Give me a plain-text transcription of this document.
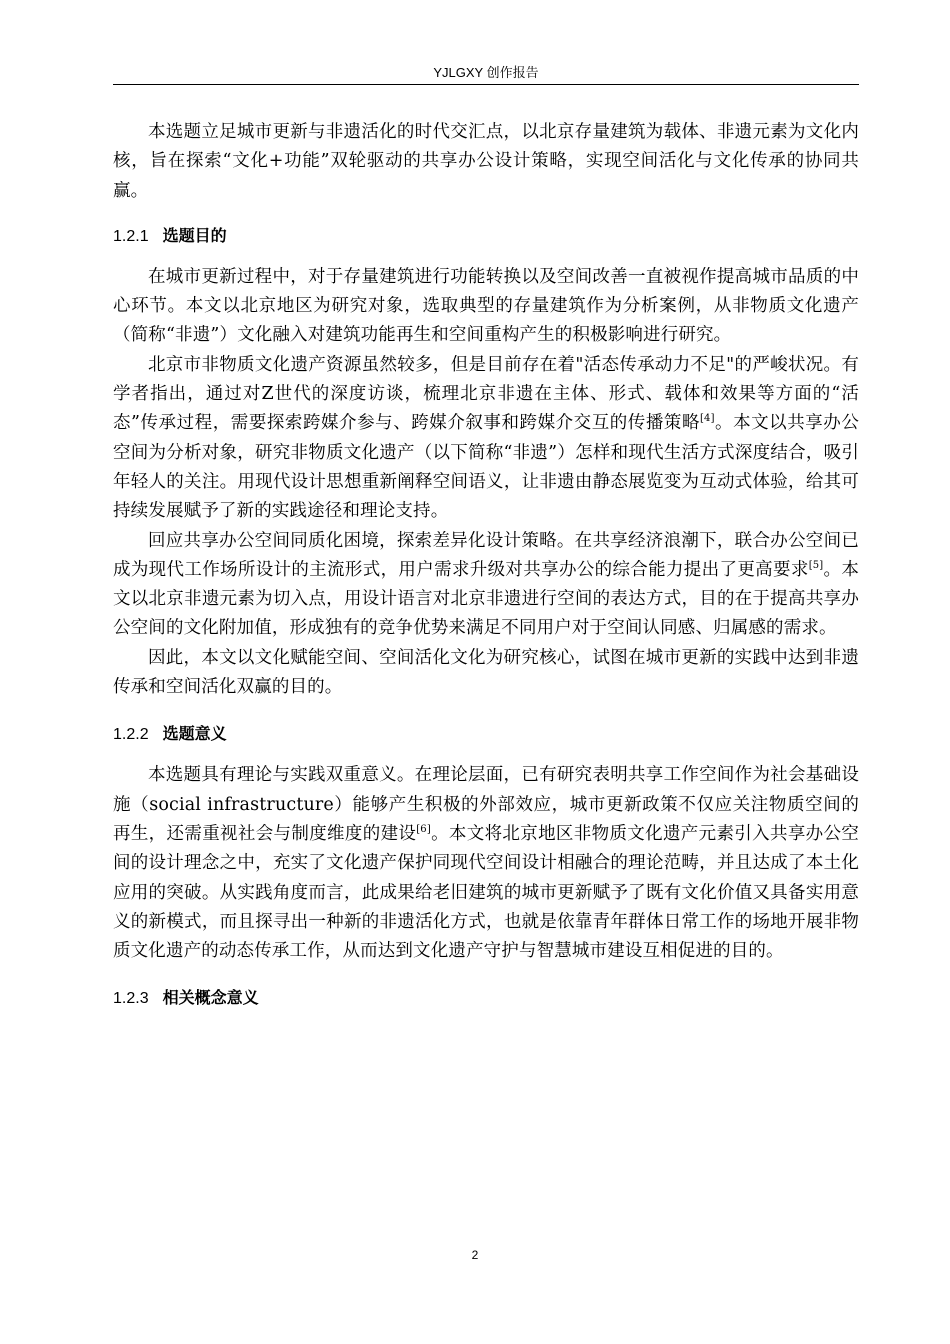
YJLGXY 创作报告

本选题立足城市更新与非遗活化的时代交汇点，以北京存量建筑为载体、非遗元素为文化内核，旨在探索“文化+功能”双轮驱动的共享办公设计策略，实现空间活化与文化传承的协同共赢。

1.2.1 选题目的

在城市更新过程中，对于存量建筑进行功能转换以及空间改善一直被视作提高城市品质的中心环节。本文以北京地区为研究对象，选取典型的存量建筑作为分析案例，从非物质文化遗产（简称“非遗”）文化融入对建筑功能再生和空间重构产生的积极影响进行研究。

北京市非物质文化遗产资源虽然较多，但是目前存在着"活态传承动力不足"的严峻状况。有学者指出，通过对Z世代的深度访谈，梳理北京非遗在主体、形式、载体和效果等方面的“活态”传承过程，需要探索跨媒介参与、跨媒介叙事和跨媒介交互的传播策略[4]。本文以共享办公空间为分析对象，研究非物质文化遗产（以下简称“非遗”）怎样和现代生活方式深度结合，吸引年轻人的关注。用现代设计思想重新阐释空间语义，让非遗由静态展览变为互动式体验，给其可持续发展赋予了新的实践途径和理论支持。

回应共享办公空间同质化困境，探索差异化设计策略。在共享经济浪潮下，联合办公空间已成为现代工作场所设计的主流形式，用户需求升级对共享办公的综合能力提出了更高要求[5]。本文以北京非遗元素为切入点，用设计语言对北京非遗进行空间的表达方式，目的在于提高共享办公空间的文化附加值，形成独有的竞争优势来满足不同用户对于空间认同感、归属感的需求。

因此，本文以文化赋能空间、空间活化文化为研究核心，试图在城市更新的实践中达到非遗传承和空间活化双赢的目的。

1.2.2 选题意义

本选题具有理论与实践双重意义。在理论层面，已有研究表明共享工作空间作为社会基础设施（social infrastructure）能够产生积极的外部效应，城市更新政策不仅应关注物质空间的再生，还需重视社会与制度维度的建设[6]。本文将北京地区非物质文化遗产元素引入共享办公空间的设计理念之中，充实了文化遗产保护同现代空间设计相融合的理论范畴，并且达成了本土化应用的突破。从实践角度而言，此成果给老旧建筑的城市更新赋予了既有文化价值又具备实用意义的新模式，而且探寻出一种新的非遗活化方式，也就是依靠青年群体日常工作的场地开展非物质文化遗产的动态传承工作，从而达到文化遗产守护与智慧城市建设互相促进的目的。

1.2.3 相关概念意义
2
